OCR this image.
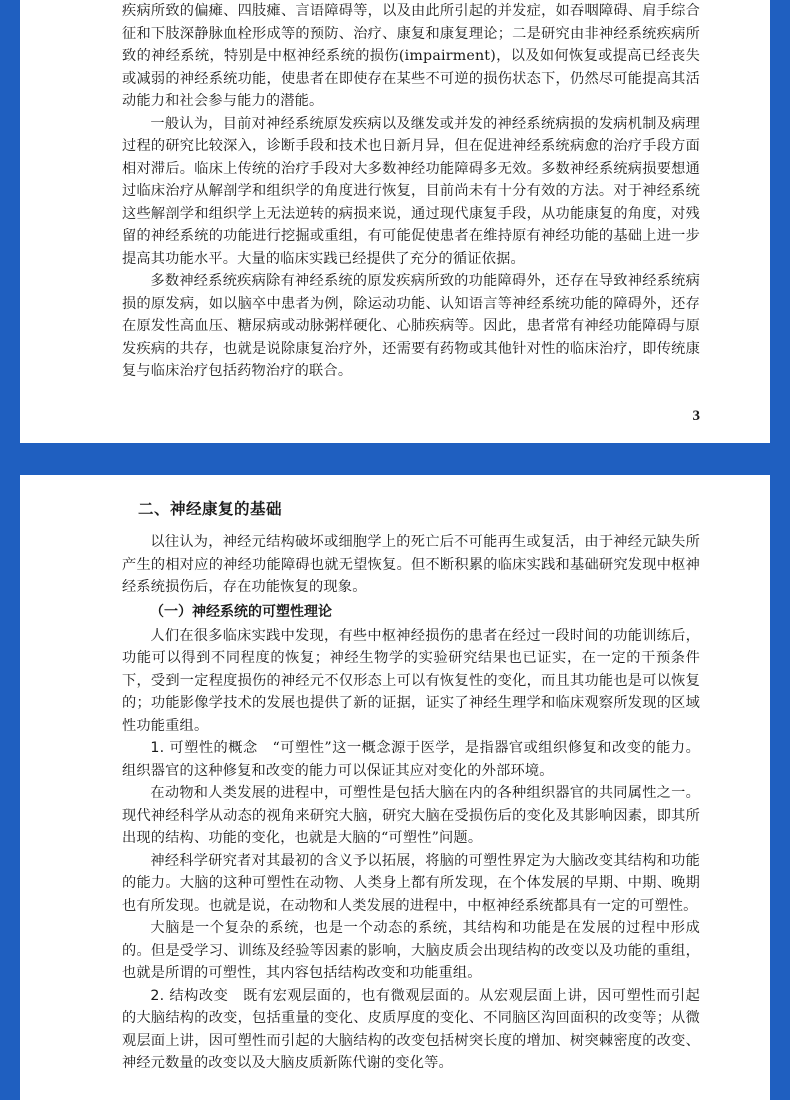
疾病所致的偏瘫、四肢瘫、言语障碍等，以及由此所引起的并发症，如吞咽障碍、肩手综合征和下肢深静脉血栓形成等的预防、治疗、康复和康复理论；二是研究由非神经系统疾病所致的神经系统，特别是中枢神经系统的损伤(impairment)，以及如何恢复或提高已经丧失或减弱的神经系统功能，使患者在即使存在某些不可逆的损伤状态下，仍然尽可能提高其活动能力和社会参与能力的潜能。

一般认为，目前对神经系统原发疾病以及继发或并发的神经系统病损的发病机制及病理过程的研究比较深入，诊断手段和技术也日新月异，但在促进神经系统病愈的治疗手段方面相对滞后。临床上传统的治疗手段对大多数神经功能障碍多无效。多数神经系统病损要想通过临床治疗从解剖学和组织学的角度进行恢复，目前尚未有十分有效的方法。对于神经系统这些解剖学和组织学上无法逆转的病损来说，通过现代康复手段，从功能康复的角度，对残留的神经系统的功能进行挖掘或重组，有可能促使患者在维持原有神经功能的基础上进一步提高其功能水平。大量的临床实践已经提供了充分的循证依据。

多数神经系统疾病除有神经系统的原发疾病所致的功能障碍外，还存在导致神经系统病损的原发病，如以脑卒中患者为例，除运动功能、认知语言等神经系统功能的障碍外，还存在原发性高血压、糖尿病或动脉粥样硬化、心肺疾病等。因此，患者常有神经功能障碍与原发疾病的共存，也就是说除康复治疗外，还需要有药物或其他针对性的临床治疗，即传统康复与临床治疗包括药物治疗的联合。

3
二、神经康复的基础

以往认为，神经元结构破坏或细胞学上的死亡后不可能再生或复活，由于神经元缺失所产生的相对应的神经功能障碍也就无望恢复。但不断积累的临床实践和基础研究发现中枢神经系统损伤后，存在功能恢复的现象。

（一）神经系统的可塑性理论

人们在很多临床实践中发现，有些中枢神经损伤的患者在经过一段时间的功能训练后，功能可以得到不同程度的恢复；神经生物学的实验研究结果也已证实，在一定的干预条件下，受到一定程度损伤的神经元不仅形态上可以有恢复性的变化，而且其功能也是可以恢复的；功能影像学技术的发展也提供了新的证据，证实了神经生理学和临床观察所发现的区域性功能重组。

1. 可塑性的概念　 “可塑性”这一概念源于医学，是指器官或组织修复和改变的能力。组织器官的这种修复和改变的能力可以保证其应对变化的外部环境。

在动物和人类发展的进程中，可塑性是包括大脑在内的各种组织器官的共同属性之一。现代神经科学从动态的视角来研究大脑，研究大脑在受损伤后的变化及其影响因素，即其所出现的结构、功能的变化，也就是大脑的“可塑性”问题。

神经科学研究者对其最初的含义予以拓展，将脑的可塑性界定为大脑改变其结构和功能的能力。大脑的这种可塑性在动物、人类身上都有所发现，在个体发展的早期、中期、晚期也有所发现。也就是说，在动物和人类发展的进程中，中枢神经系统都具有一定的可塑性。

大脑是一个复杂的系统，也是一个动态的系统，其结构和功能是在发展的过程中形成的。但是受学习、训练及经验等因素的影响，大脑皮质会出现结构的改变以及功能的重组，也就是所谓的可塑性，其内容包括结构改变和功能重组。

2. 结构改变　 既有宏观层面的，也有微观层面的。从宏观层面上讲，因可塑性而引起的大脑结构的改变，包括重量的变化、皮质厚度的变化、不同脑区沟回面积的改变等；从微观层面上讲，因可塑性而引起的大脑结构的改变包括树突长度的增加、树突棘密度的改变、神经元数量的改变以及大脑皮质新陈代谢的变化等。
